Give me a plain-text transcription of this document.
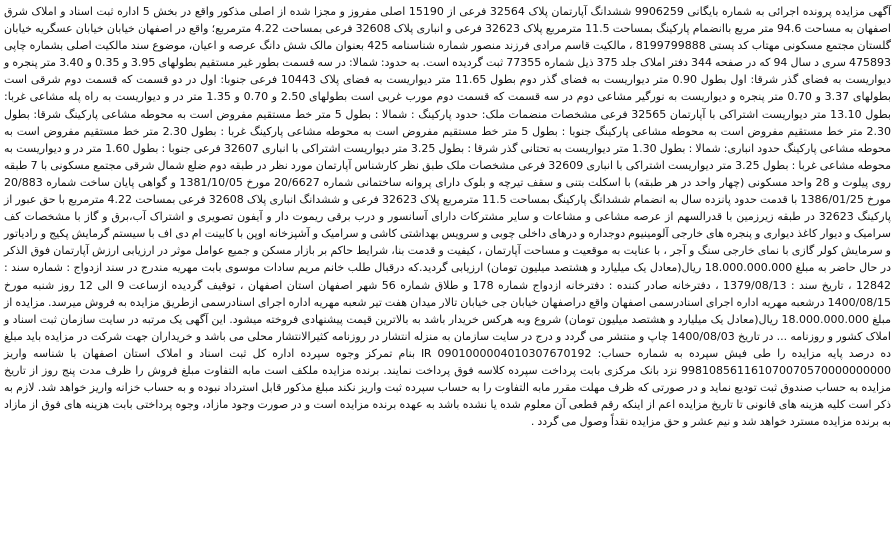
آگهی مزایده پرونده اجرائی به شماره بایگانی 9906259 ششدانگ آپارتمان پلاک 32564 فرعی از 15190 اصلی مفروز و مجزا شده از اصلی مذکور واقع در بخش 5 اداره ثبت اسناد و املاک شرق اصفهان به مساحت 94.6 متر مربع باانضمام پارکینگ بمساحت 11.5 مترمربع پلاک 32623 فرعی و انباری پلاک 32608 فرعی بمساحت 4.22 مترمربع؛ واقع در اصفهان خیابان خیابان عسگریه خیابان گلستان مجتمع مسکونی مهتاب کد پستی 8199799888 ، مالکیت قاسم مرادی فرزند منصور شماره شناسنامه 425 بعنوان مالک شش دانگ عرصه و اعیان، موضوع سند مالکیت اصلی بشماره چاپی 475893 سری د سال 94 که در صفحه 344 دفتر املاک جلد 375 ذیل شماره 77355 ثبت گردیده است. به حدود: شمالا: در سه قسمت بطور غیر مستقیم بطولهای 3.95 و 0.35 و 3.40 متر پنجره و دیواریست به فضای گذر شرقا: اول بطول 0.90 متر دیواریست به فضای گذر دوم بطول 11.65 متر دیواریست به فضای پلاک 10443 فرعی جنوبا: اول در دو قسمت که قسمت دوم شرقی است بطولهای 3.37 و 0.70 متر پنجره و دیواریست به نورگیر مشاعی دوم در سه قسمت که قسمت دوم مورب غربی است بطولهای 2.50 و 0.70 و 1.35 متر در و دیواریست به راه پله مشاعی غربا: بطول 13.10 متر دیواریست اشتراکی با آپارتمان 32565 فرعی مشخصات منضمات ملک: حدود پارکینگ : شمالا : بطول 5 متر خط مستقیم مفروض است به محوطه مشاعی پارکینگ شرقا: بطول 2.30 متر خط مستقیم مفروض است به محوطه مشاعی پارکینگ جنوبا : بطول 5 متر خط مستقیم مفروض است به محوطه مشاعی پارکینگ غربا : بطول 2.30 متر خط مستقیم مفروض است به محوطه مشاعی پارکینگ حدود انباری: شمالا : بطول 1.30 متر دیواریست به تحتانی گذر شرقا : بطول 3.25 متر دیواریست اشتراکی با انباری 32607 فرعی جنوبا : بطول 1.60 متر در و دیواریست به محوطه مشاعی غربا : بطول 3.25 متر دیواریست اشتراکی با انباری 32609 فرعی مشخصات ملک طبق نظر کارشناس آپارتمان مورد نظر در طبقه دوم ضلع شمال شرقی مجتمع مسکونی با 7 طبقه روی پیلوت و 28 واحد مسکونی (چهار واحد در هر طبقه) با اسکلت بتنی و سقف تیرچه و بلوک دارای پروانه ساختمانی شماره 20/6627 مورخ 1381/10/05 و گواهی پایان ساخت شماره 20/883 مورخ 1386/01/25 با قدمت حدود پانزده سال به انضمام ششدانگ پارکینگ بمساحت 11.5 مترمربع پلاک 32623 فرعی و ششدانگ انباری پلاک 32608 فرعی بمساحت 4.22 مترمربع با حق عبور از پارکینگ 32623 در طبقه زیرزمین با قدرالسهم از عرصه مشاعی و مشاعات و سایر مشترکات دارای آسانسور و درب برقی ریموت دار و آیفون تصویری و اشتراک آب،برق و گاز با مشخصات کف سرامیک و دیوار کاغذ دیواری و پنجره های خارجی آلومینیوم دوجداره و درهای داخلی چوبی و سرویس بهداشتی کاشی و سرامیک و آشپزخانه اوپن با کابینت ام دی اف با سیستم گرمایش پکیج و رادیاتور و سرمایش کولر گازی با نمای خارجی سنگ و آجر ، با عنایت به موقعیت و مساحت آپارتمان ، کیفیت و قدمت بنا، شرایط حاکم بر بازار مسکن و جمیع عوامل موثر در ارزیابی ارزش آپارتمان فوق الذکر در حال حاضر به مبلغ 18.000.000.000 ریال(معادل یک میلیارد و هشتصد میلیون تومان) ارزیابی گردید.که درقبال طلب خانم مریم سادات موسوی بابت مهریه مندرج در سند ازدواج : شماره سند : 12842 ، تاریخ سند : 1379/08/13 ، دفترخانه صادر کننده : دفترخانه ازدواج شماره 178 و طلاق شماره 56 شهر اصفهان استان اصفهان ، توقیف گردیده ازساعت 9 الی 12 روز شنبه مورخ 1400/08/15 درشعبه مهریه اداره اجرای اسنادرسمی اصفهان واقع دراصفهان خیابان جی خیابان تالار میدان هفت تیر شعبه مهریه اداره اجرای اسنادرسمی ازطریق مزایده به فروش میرسد. مزایده از مبلغ 18.000.000.000 ریال(معادل یک میلیارد و هشتصد میلیون تومان) شروع وبه هرکس خریدار باشد به بالاترین قیمت پیشنهادی فروخته میشود. این آگهی یک مرتبه در سایت سازمان ثبت اسناد و املاک کشور و روزنامه ... در تاریخ 1400/08/03 چاپ و منتشر می گردد و درج در سایت سازمان به منزله انتشار در روزنامه کثیرالانتشار محلی می باشد و خریداران جهت شرکت در مزایده باید مبلغ ده درصد پایه مزایده را طی فیش سپرده به شماره حساب: 0901000004010307670192 IR بنام تمرکز وجوه سپرده اداره کل ثبت اسناد و املاک استان اصفهان با شناسه واریز 998108561161070070570000000000 نزد بانک مرکزی بابت پرداخت سپرده کلاسه فوق پرداخت نمایند. برنده مزایده ملکف است مابه التفاوت مبلغ فروش را ظرف مدت پنج روز از تاریخ مزایده به حساب صندوق ثبت تودیع نماید و در صورتی که ظرف مهلت مقرر مابه التفاوت را به حساب سپرده ثبت واریز نکند مبلغ مذکور قابل استرداد نبوده و به حساب خزانه واریز خواهد شد. لازم به ذکر است کلیه هزینه های قانونی تا تاریخ مزایده اعم از اینکه رقم قطعی آن معلوم شده یا نشده باشد به عهده برنده مزایده است و در صورت وجود مازاد، وجوه پرداختی بابت هزینه های فوق از مازاد به برنده مزایده مسترد خواهد شد و نیم عشر و حق مزایده نقداً وصول می گردد .
